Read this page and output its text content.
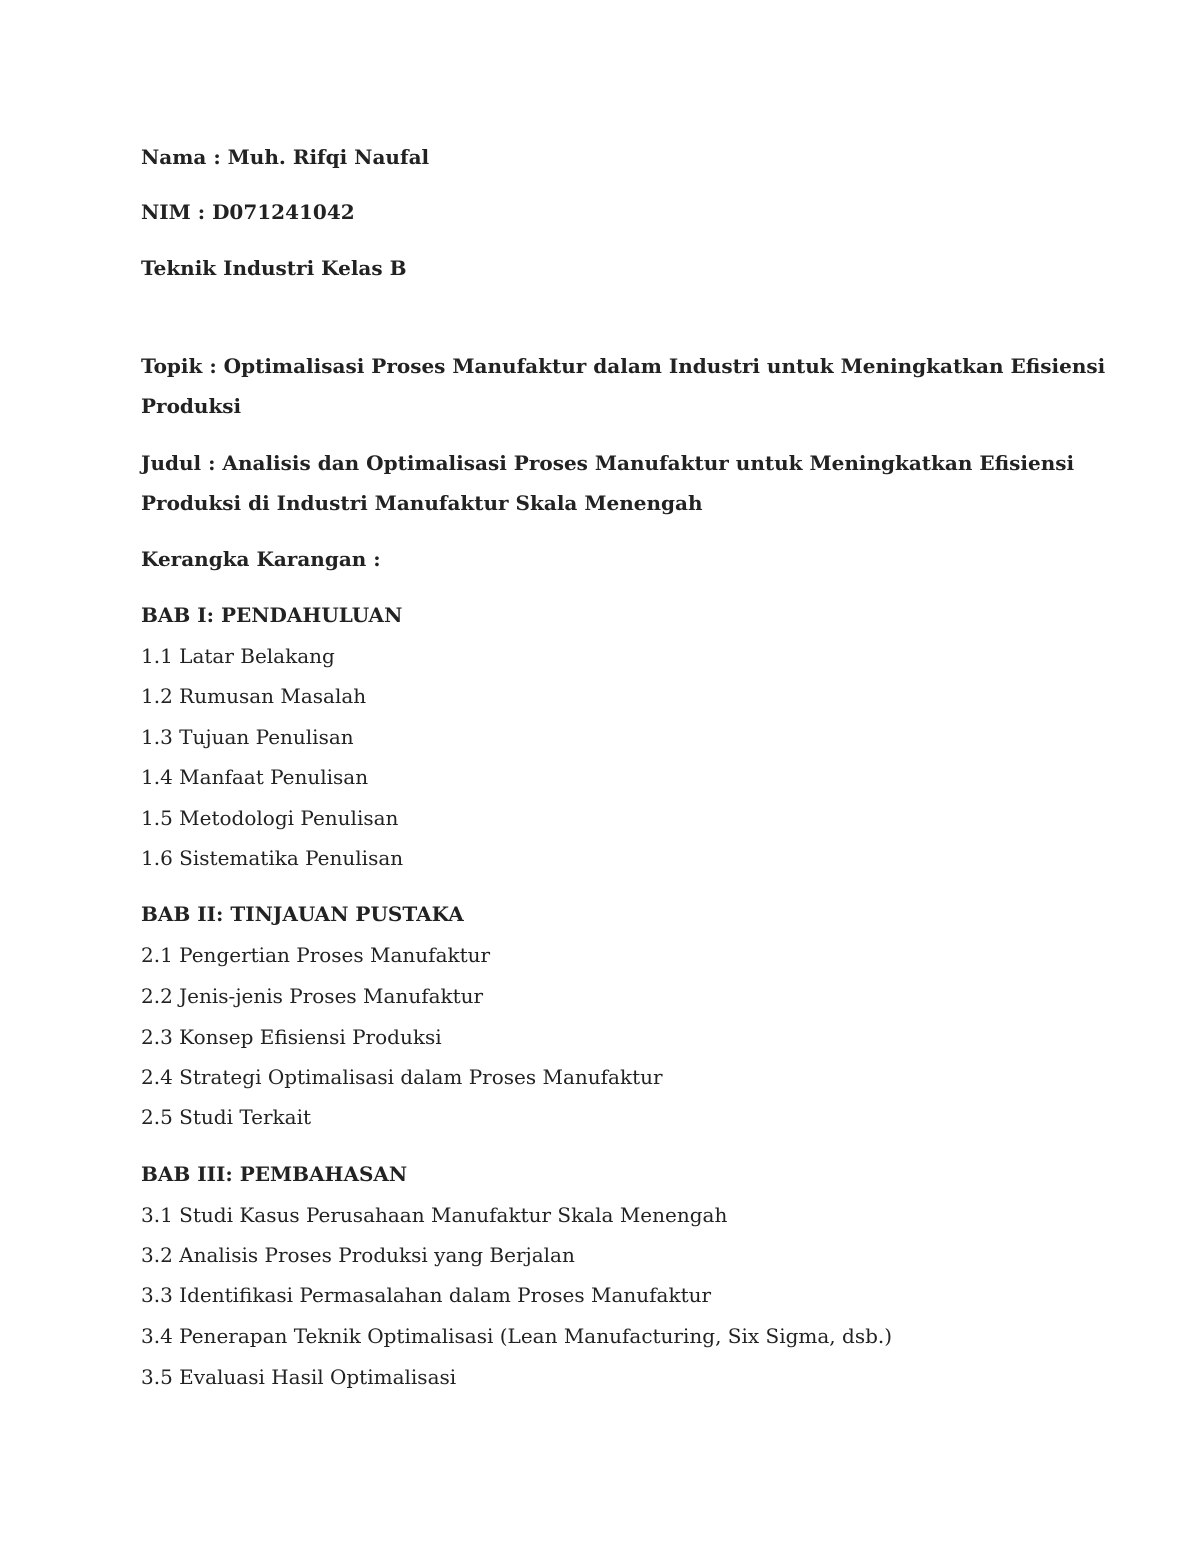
Nama : Muh. Rifqi Naufal
NIM : D071241042
Teknik Industri Kelas B
Topik : Optimalisasi Proses Manufaktur dalam Industri untuk Meningkatkan Efisiensi
Produksi
Judul : Analisis dan Optimalisasi Proses Manufaktur untuk Meningkatkan Efisiensi
Produksi di Industri Manufaktur Skala Menengah
Kerangka Karangan :
BAB I: PENDAHULUAN
1.1 Latar Belakang
1.2 Rumusan Masalah
1.3 Tujuan Penulisan
1.4 Manfaat Penulisan
1.5 Metodologi Penulisan
1.6 Sistematika Penulisan
BAB II: TINJAUAN PUSTAKA
2.1 Pengertian Proses Manufaktur
2.2 Jenis-jenis Proses Manufaktur
2.3 Konsep Efisiensi Produksi
2.4 Strategi Optimalisasi dalam Proses Manufaktur
2.5 Studi Terkait
BAB III: PEMBAHASAN
3.1 Studi Kasus Perusahaan Manufaktur Skala Menengah
3.2 Analisis Proses Produksi yang Berjalan
3.3 Identifikasi Permasalahan dalam Proses Manufaktur
3.4 Penerapan Teknik Optimalisasi (Lean Manufacturing, Six Sigma, dsb.)
3.5 Evaluasi Hasil Optimalisasi
